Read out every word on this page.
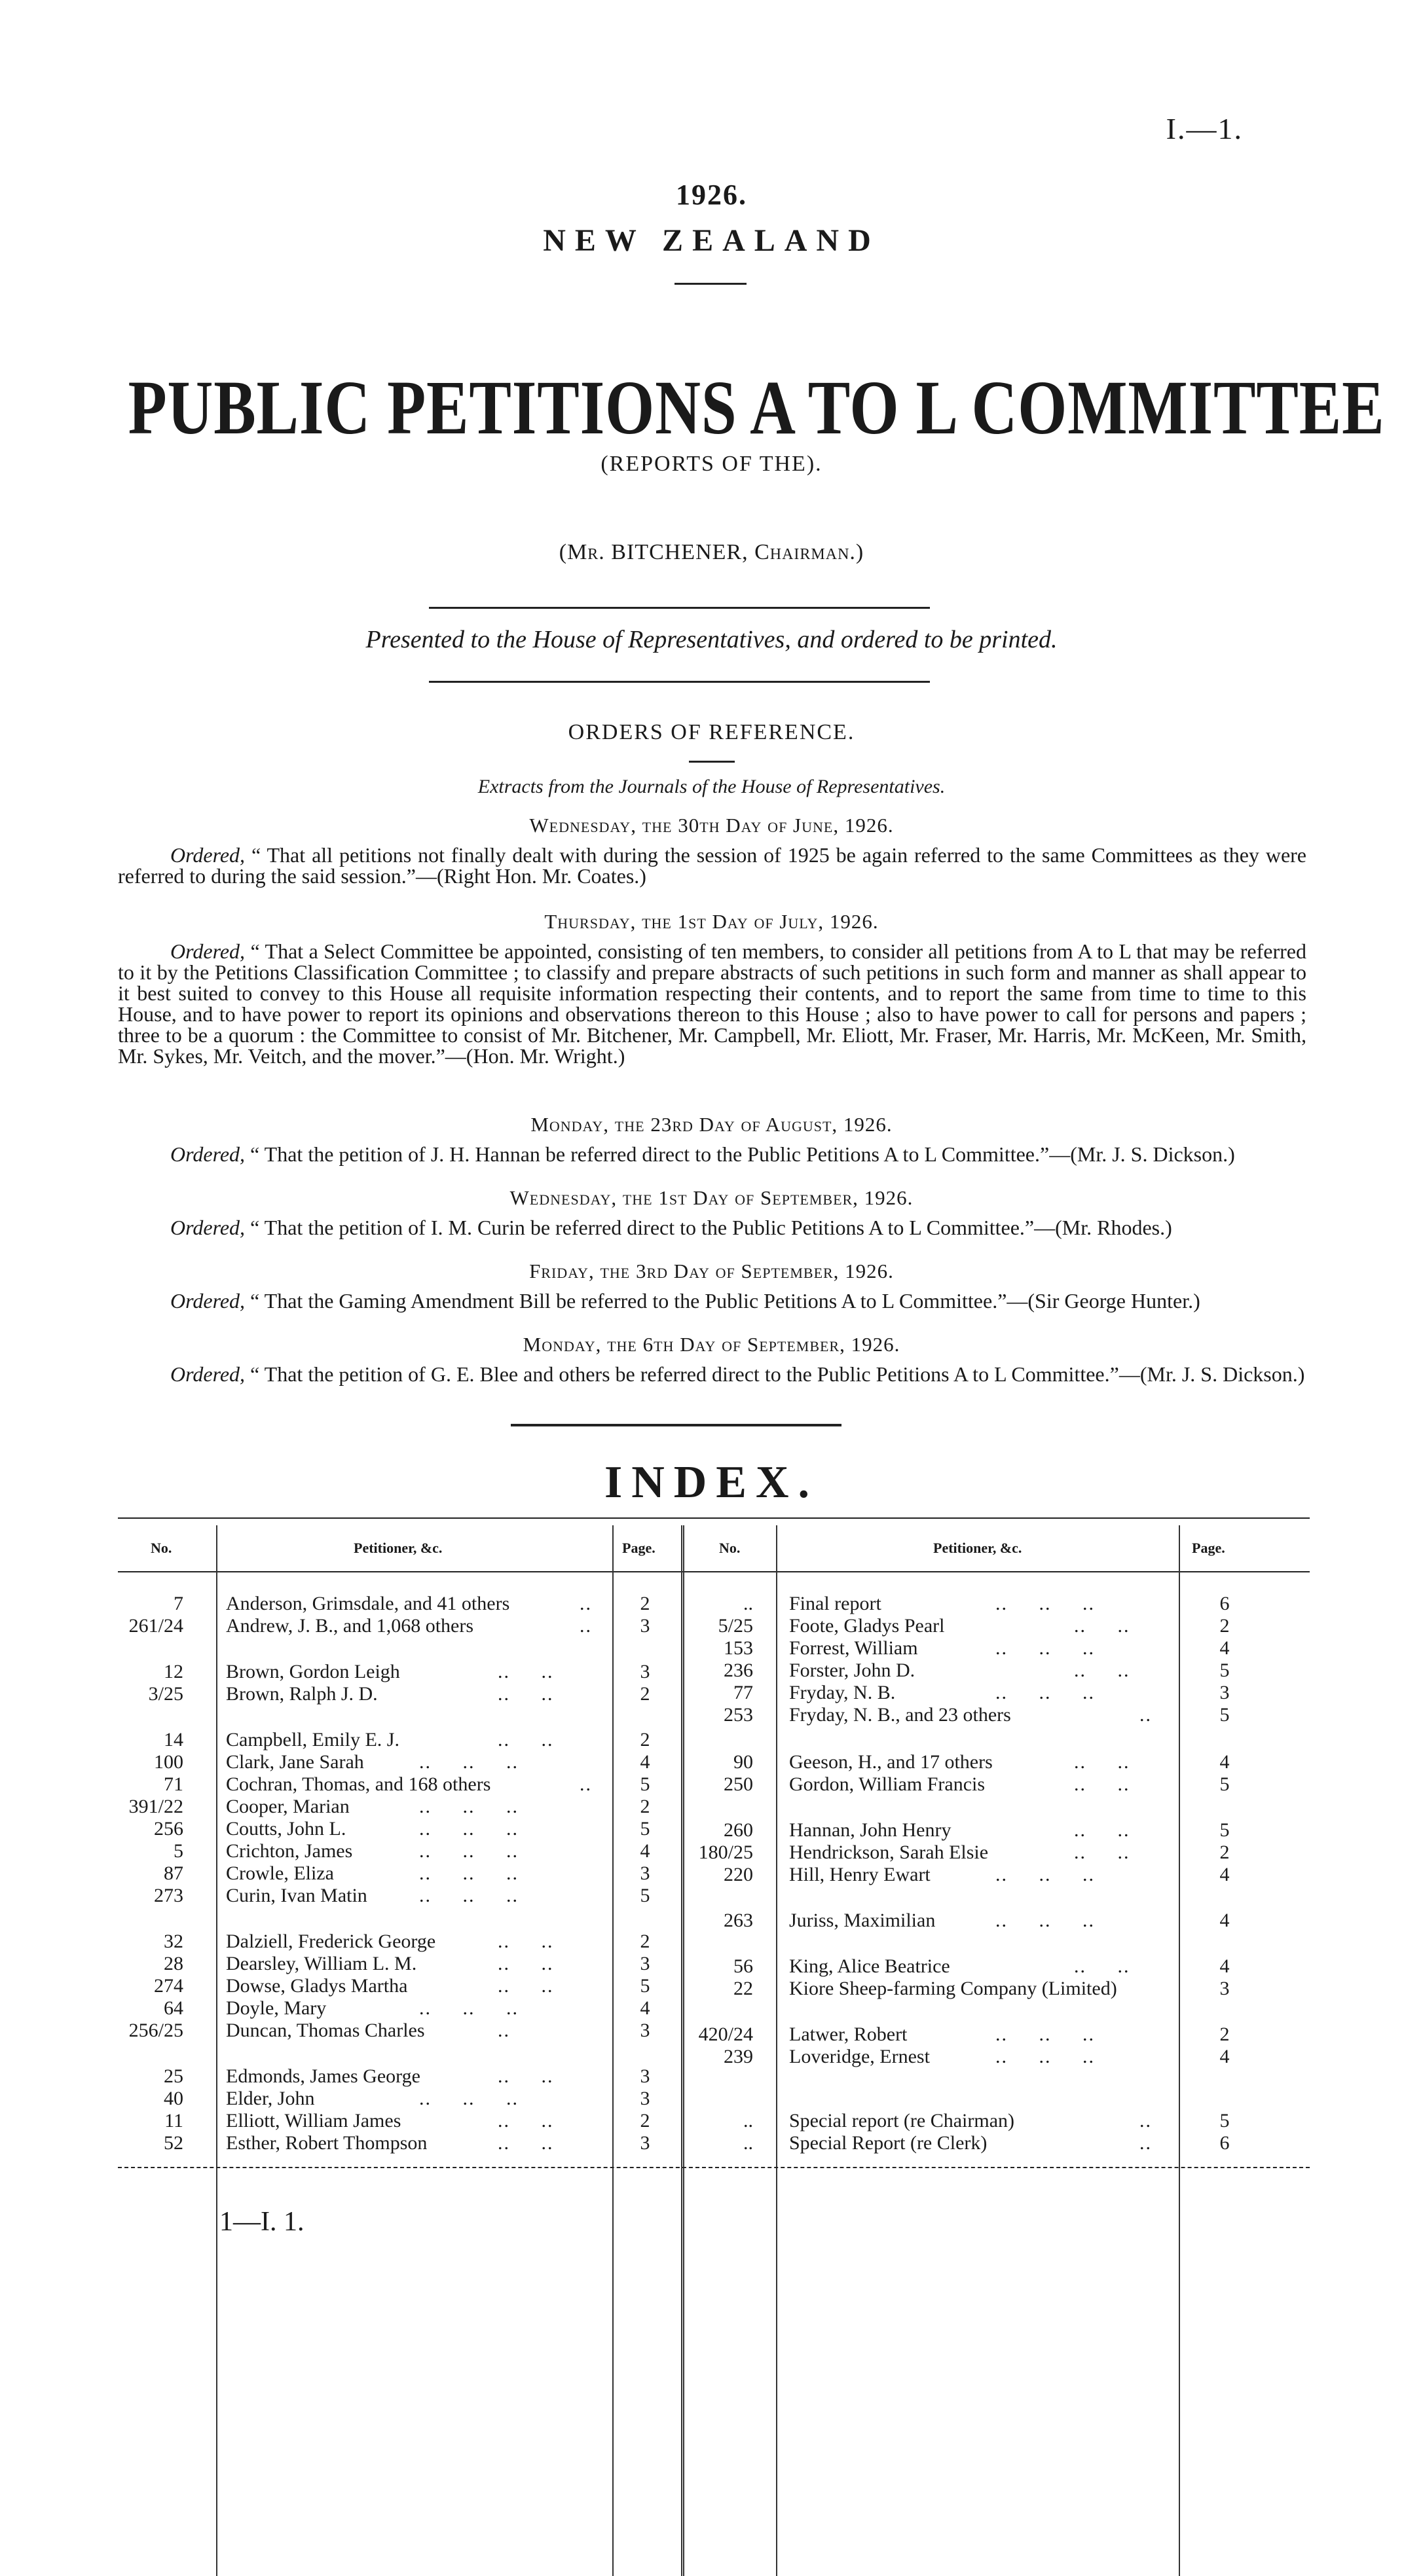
I.—1.
1926.
NEW ZEALAND
PUBLIC PETITIONS A TO L COMMITTEE
(REPORTS OF THE).
(Mr. BITCHENER, Chairman.)
Presented to the House of Representatives, and ordered to be printed.
ORDERS OF REFERENCE.
Extracts from the Journals of the House of Representatives.
Wednesday, the 30th Day of June, 1926.
Ordered, “ That all petitions not finally dealt with during the session of 1925 be again referred to the same Committees as they were referred to during the said session.”—(Right Hon. Mr. Coates.)
Thursday, the 1st Day of July, 1926.
Ordered, “ That a Select Committee be appointed, consisting of ten members, to consider all petitions from A to L that may be referred to it by the Petitions Classification Committee ; to classify and prepare abstracts of such petitions in such form and manner as shall appear to it best suited to convey to this House all requisite information respecting their contents, and to report the same from time to time to this House, and to have power to report its opinions and observations thereon to this House ; also to have power to call for persons and papers ; three to be a quorum : the Committee to consist of Mr. Bitchener, Mr. Campbell, Mr. Eliott, Mr. Fraser, Mr. Harris, Mr. McKeen, Mr. Smith, Mr. Sykes, Mr. Veitch, and the mover.”—(Hon. Mr. Wright.)
Monday, the 23rd Day of August, 1926.
Ordered, “ That the petition of J. H. Hannan be referred direct to the Public Petitions A to L Committee.”—(Mr. J. S. Dickson.)
Wednesday, the 1st Day of September, 1926.
Ordered, “ That the petition of I. M. Curin be referred direct to the Public Petitions A to L Committee.”—(Mr. Rhodes.)
Friday, the 3rd Day of September, 1926.
Ordered, “ That the Gaming Amendment Bill be referred to the Public Petitions A to L Committee.”—(Sir George Hunter.)
Monday, the 6th Day of September, 1926.
Ordered, “ That the petition of G. E. Blee and others be referred direct to the Public Petitions A to L Committee.”—(Mr. J. S. Dickson.)
INDEX.
No.	Petitioner, &c.	Page.	No.	Petitioner, &c.	Page.
7 Anderson, Grimsdale, and 41 others	..	2
261/24 Andrew, J. B., and 1,068 others	..	3
12 Brown, Gordon Leigh	..     ..	3
3/25 Brown, Ralph J. D.	..     ..	2
14 Campbell, Emily E. J.	..     ..	2
100 Clark, Jane Sarah	..     ..     ..	4
71 Cochran, Thomas, and 168 others	..	5
391/22 Cooper, Marian	..     ..     ..	2
256 Coutts, John L.	..     ..     ..	5
5 Crichton, James	..     ..     ..	4
87 Crowle, Eliza	..     ..     ..	3
273 Curin, Ivan Matin	..     ..     ..	5
32 Dalziell, Frederick George	..     ..	2
28 Dearsley, William L. M.	..     ..	3
274 Dowse, Gladys Martha	..     ..	5
64 Doyle, Mary	..     ..     ..	4
256/25 Duncan, Thomas Charles	..	3
25 Edmonds, James George	..     ..	3
40 Elder, John	..     ..     ..	3
11 Elliott, William James	..     ..	2
52 Esther, Robert Thompson	..     ..	3
.. Final report	..     ..     ..	6
5/25 Foote, Gladys Pearl	..     ..	2
153 Forrest, William	..     ..     ..	4
236 Forster, John D.	..     ..	5
77 Fryday, N. B.	..     ..     ..	3
253 Fryday, N. B., and 23 others	..	5
90 Geeson, H., and 17 others	..     ..	4
250 Gordon, William Francis	..     ..	5
260 Hannan, John Henry	..     ..	5
180/25 Hendrickson, Sarah Elsie	..     ..	2
220 Hill, Henry Ewart	..     ..     ..	4
263 Juriss, Maximilian	..     ..     ..	4
56 King, Alice Beatrice	..     ..	4
22 Kiore Sheep-farming Company (Limited)	3
420/24 Latwer, Robert	..     ..     ..	2
239 Loveridge, Ernest	..     ..     ..	4
.. Special report (re Chairman)	..	5
.. Special Report (re Clerk)	..	6
1—I. 1.
